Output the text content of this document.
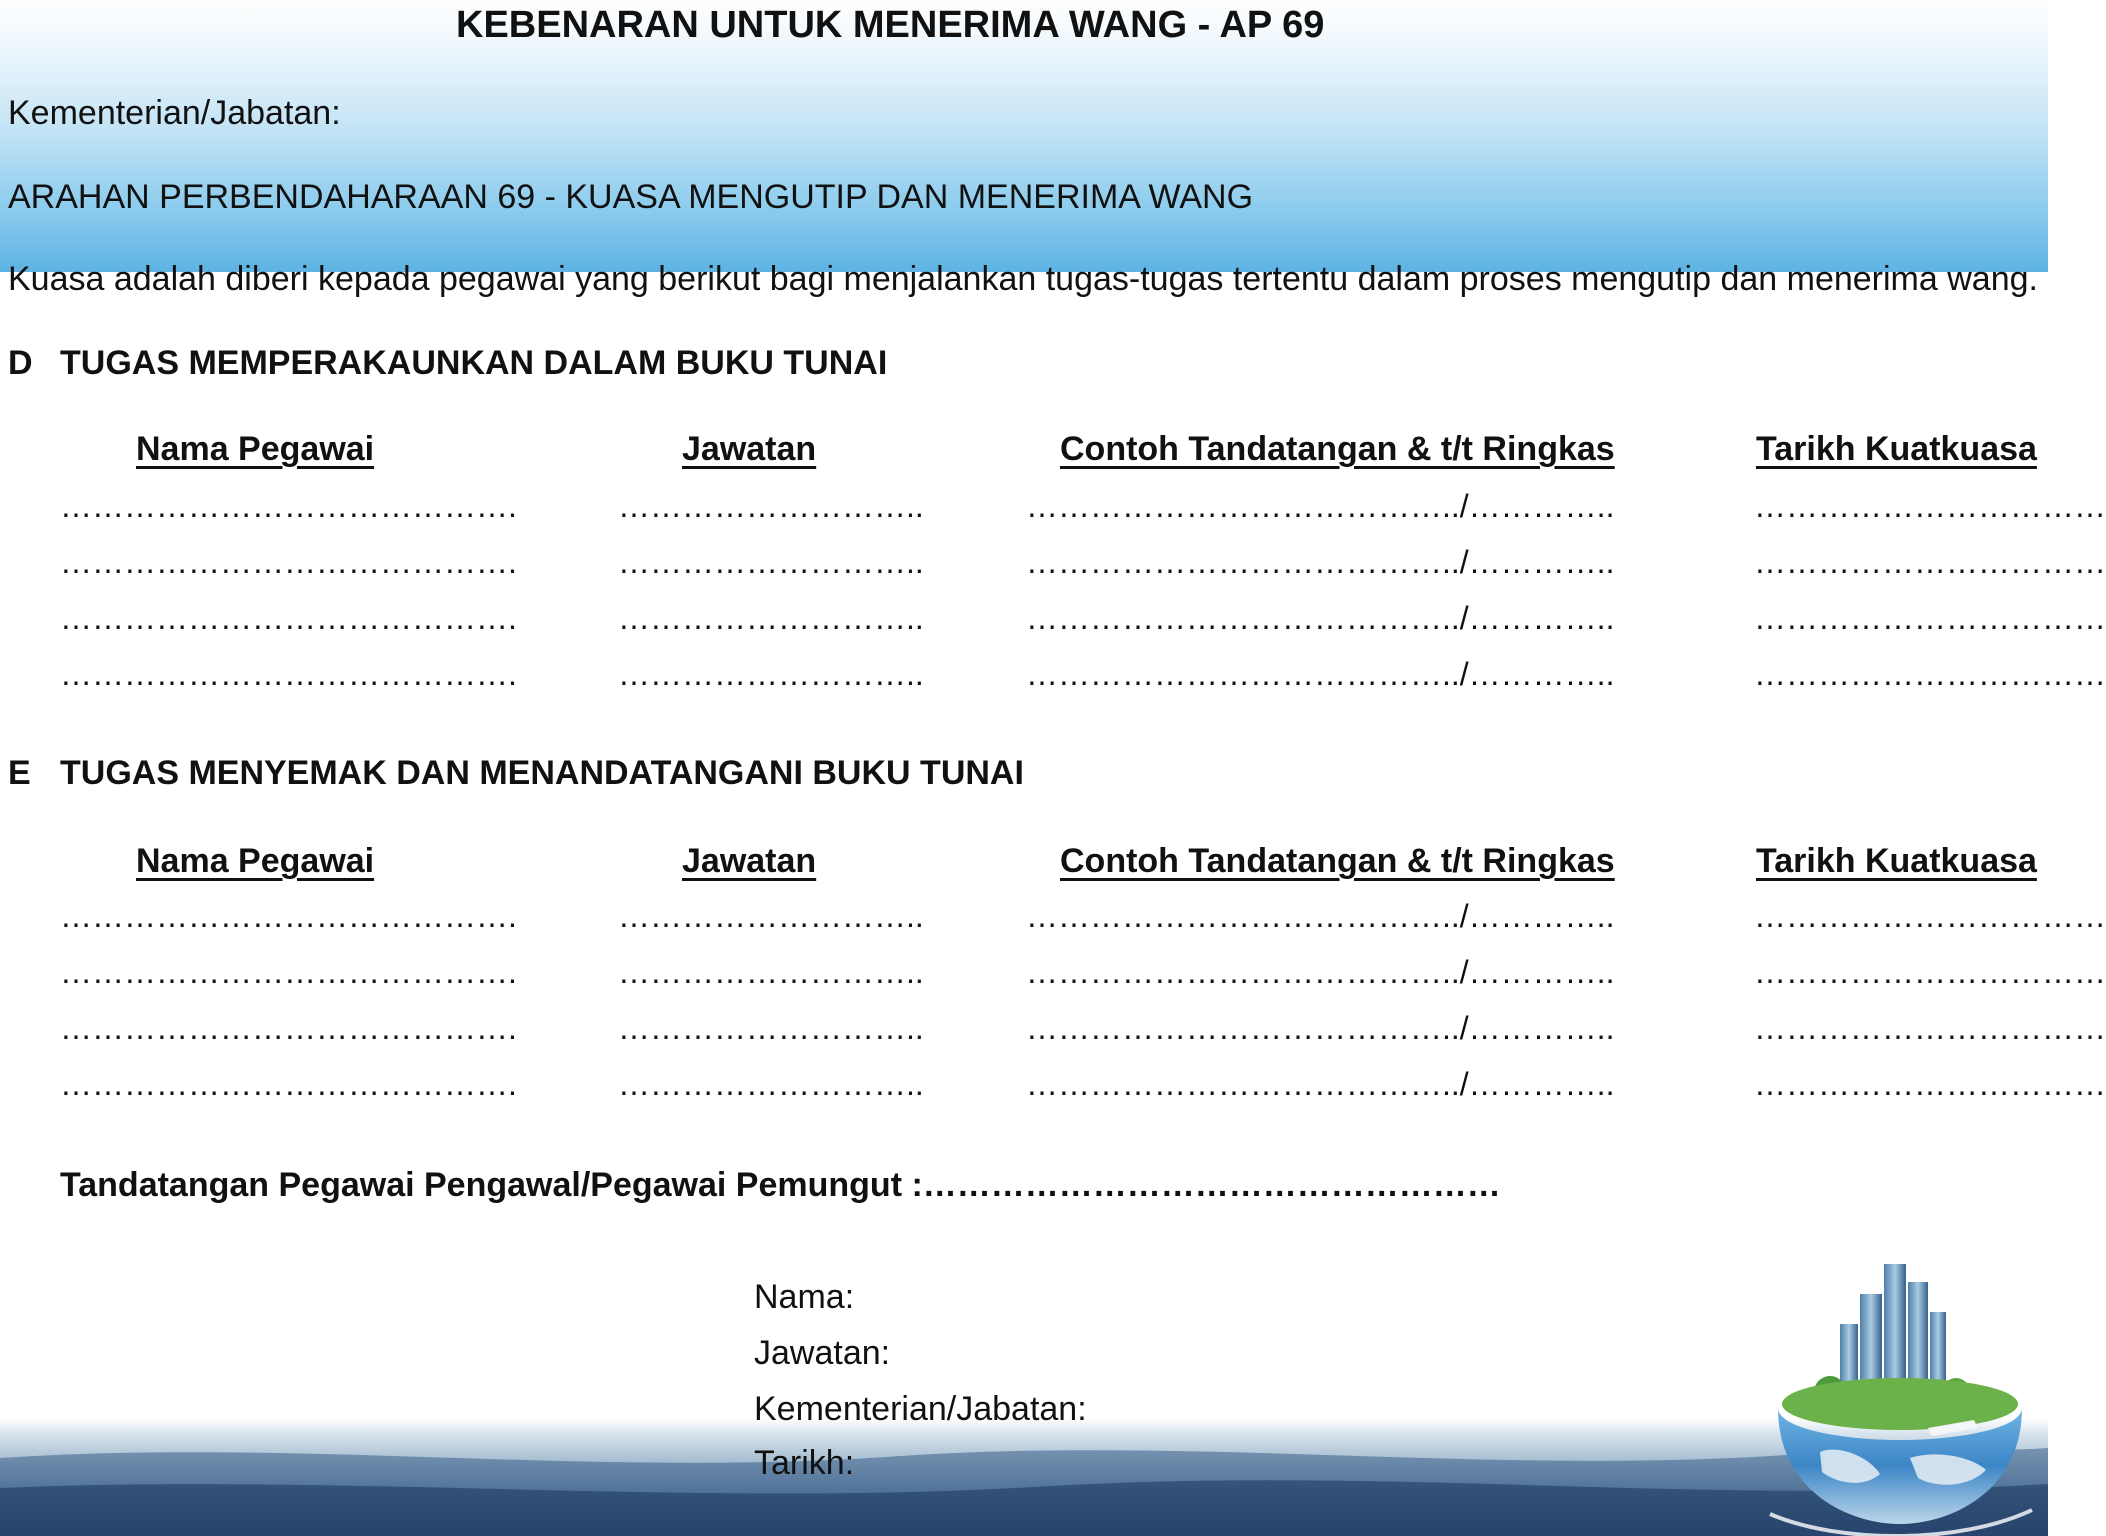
KEBENARAN UNTUK MENERIMA WANG - AP 69
Kementerian/Jabatan:
ARAHAN PERBENDAHARAAN 69 - KUASA MENGUTIP DAN MENERIMA WANG
Kuasa adalah diberi kepada pegawai yang berikut bagi menjalankan tugas-tugas tertentu dalam proses mengutip dan menerima wang.
D TUGAS MEMPERAKAUNKAN DALAM BUKU TUNAI
Nama Pegawai	Jawatan	Contoh Tandatangan & t/t Ringkas	Tarikh Kuatkuasa
…………………………………….	………………………..	…………………………………../…………..	……………………………
…………………………………….	………………………..	…………………………………../…………..	……………………………
…………………………………….	………………………..	…………………………………../…………..	……………………………
…………………………………….	………………………..	…………………………………../…………..	……………………………
E TUGAS MENYEMAK DAN MENANDATANGANI BUKU TUNAI
Nama Pegawai	Jawatan	Contoh Tandatangan & t/t Ringkas	Tarikh Kuatkuasa
…………………………………….	………………………..	…………………………………../…………..	……………………………
…………………………………….	………………………..	…………………………………../…………..	……………………………
…………………………………….	………………………..	…………………………………../…………..	……………………………
…………………………………….	………………………..	…………………………………../…………..	……………………………
Tandatangan Pegawai Pengawal/Pegawai Pemungut :……………………………………………
Nama:
Jawatan:
Kementerian/Jabatan:
Tarikh:
